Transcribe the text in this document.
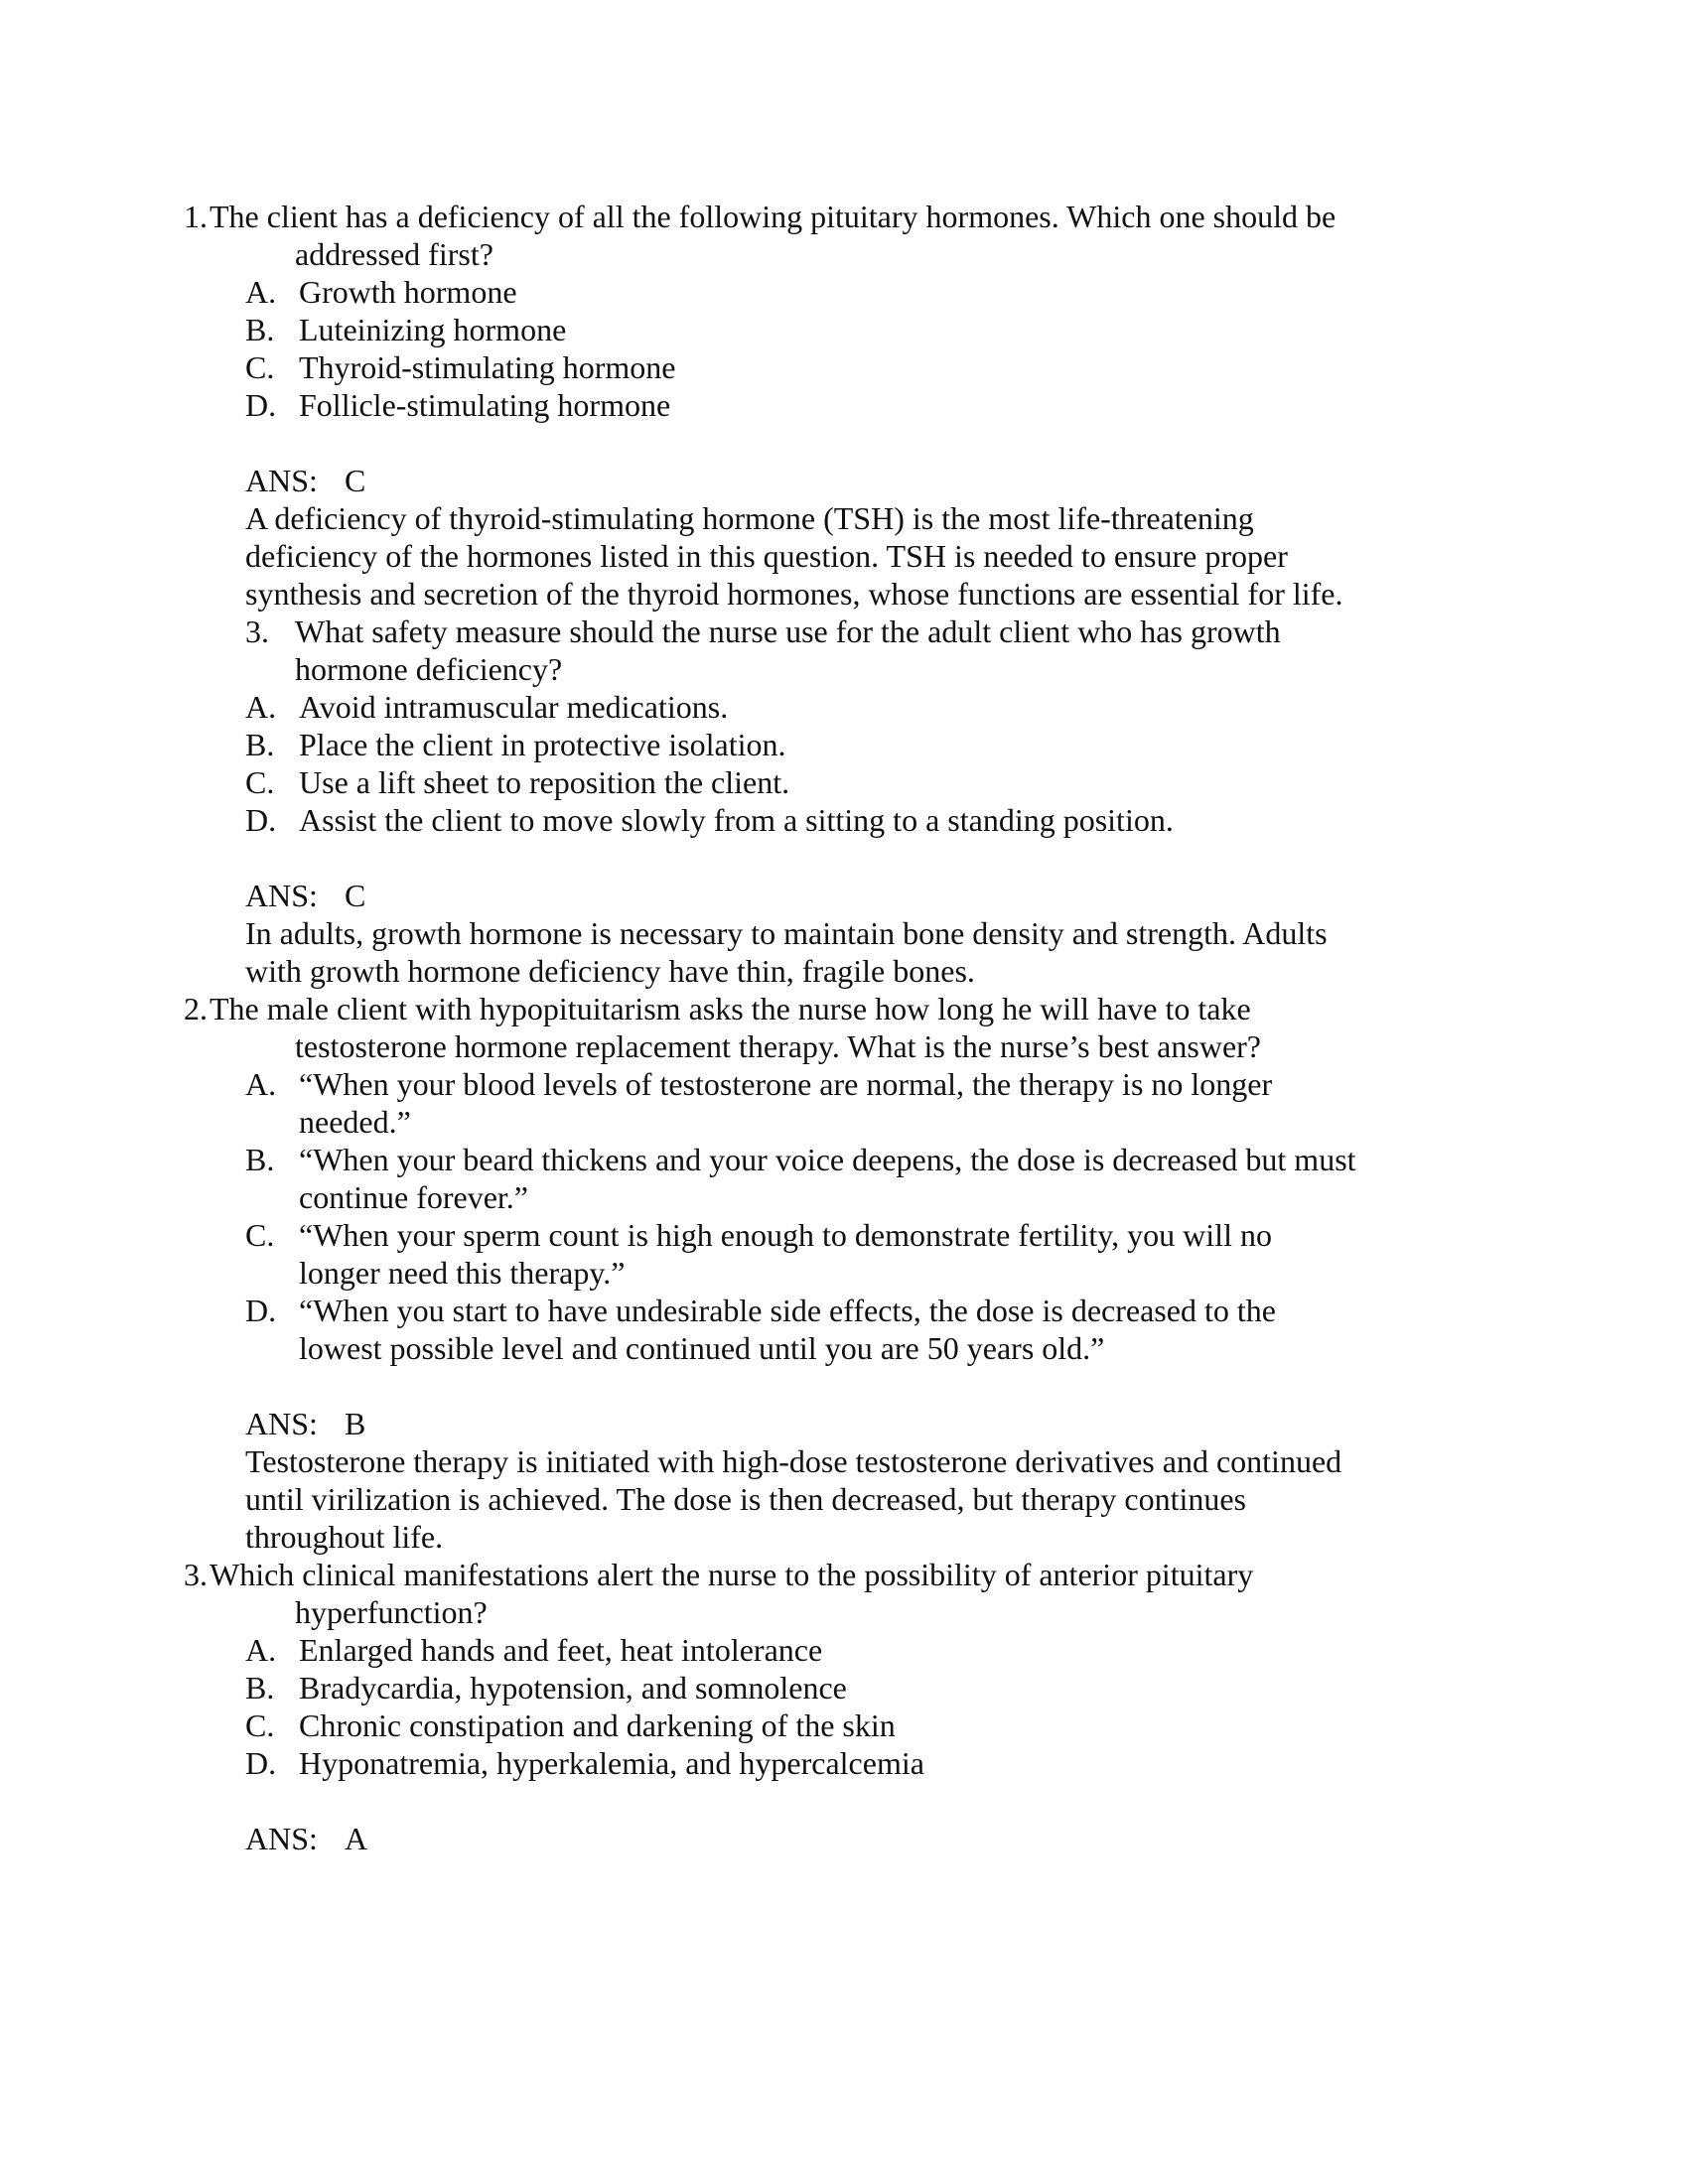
1. The client has a deficiency of all the following pituitary hormones. Which one should be
addressed first?
A. Growth hormone
B. Luteinizing hormone
C. Thyroid-stimulating hormone
D. Follicle-stimulating hormone
ANS: C
A deficiency of thyroid-stimulating hormone (TSH) is the most life-threatening
deficiency of the hormones listed in this question. TSH is needed to ensure proper
synthesis and secretion of the thyroid hormones, whose functions are essential for life.
3. What safety measure should the nurse use for the adult client who has growth
hormone deficiency?
A. Avoid intramuscular medications.
B. Place the client in protective isolation.
C. Use a lift sheet to reposition the client.
D. Assist the client to move slowly from a sitting to a standing position.
ANS: C
In adults, growth hormone is necessary to maintain bone density and strength. Adults
with growth hormone deficiency have thin, fragile bones.
2. The male client with hypopituitarism asks the nurse how long he will have to take
testosterone hormone replacement therapy. What is the nurse’s best answer?
A. “When your blood levels of testosterone are normal, the therapy is no longer
needed.”
B. “When your beard thickens and your voice deepens, the dose is decreased but must
continue forever.”
C. “When your sperm count is high enough to demonstrate fertility, you will no
longer need this therapy.”
D. “When you start to have undesirable side effects, the dose is decreased to the
lowest possible level and continued until you are 50 years old.”
ANS: B
Testosterone therapy is initiated with high-dose testosterone derivatives and continued
until virilization is achieved. The dose is then decreased, but therapy continues
throughout life.
3. Which clinical manifestations alert the nurse to the possibility of anterior pituitary
hyperfunction?
A. Enlarged hands and feet, heat intolerance
B. Bradycardia, hypotension, and somnolence
C. Chronic constipation and darkening of the skin
D. Hyponatremia, hyperkalemia, and hypercalcemia
ANS: A
